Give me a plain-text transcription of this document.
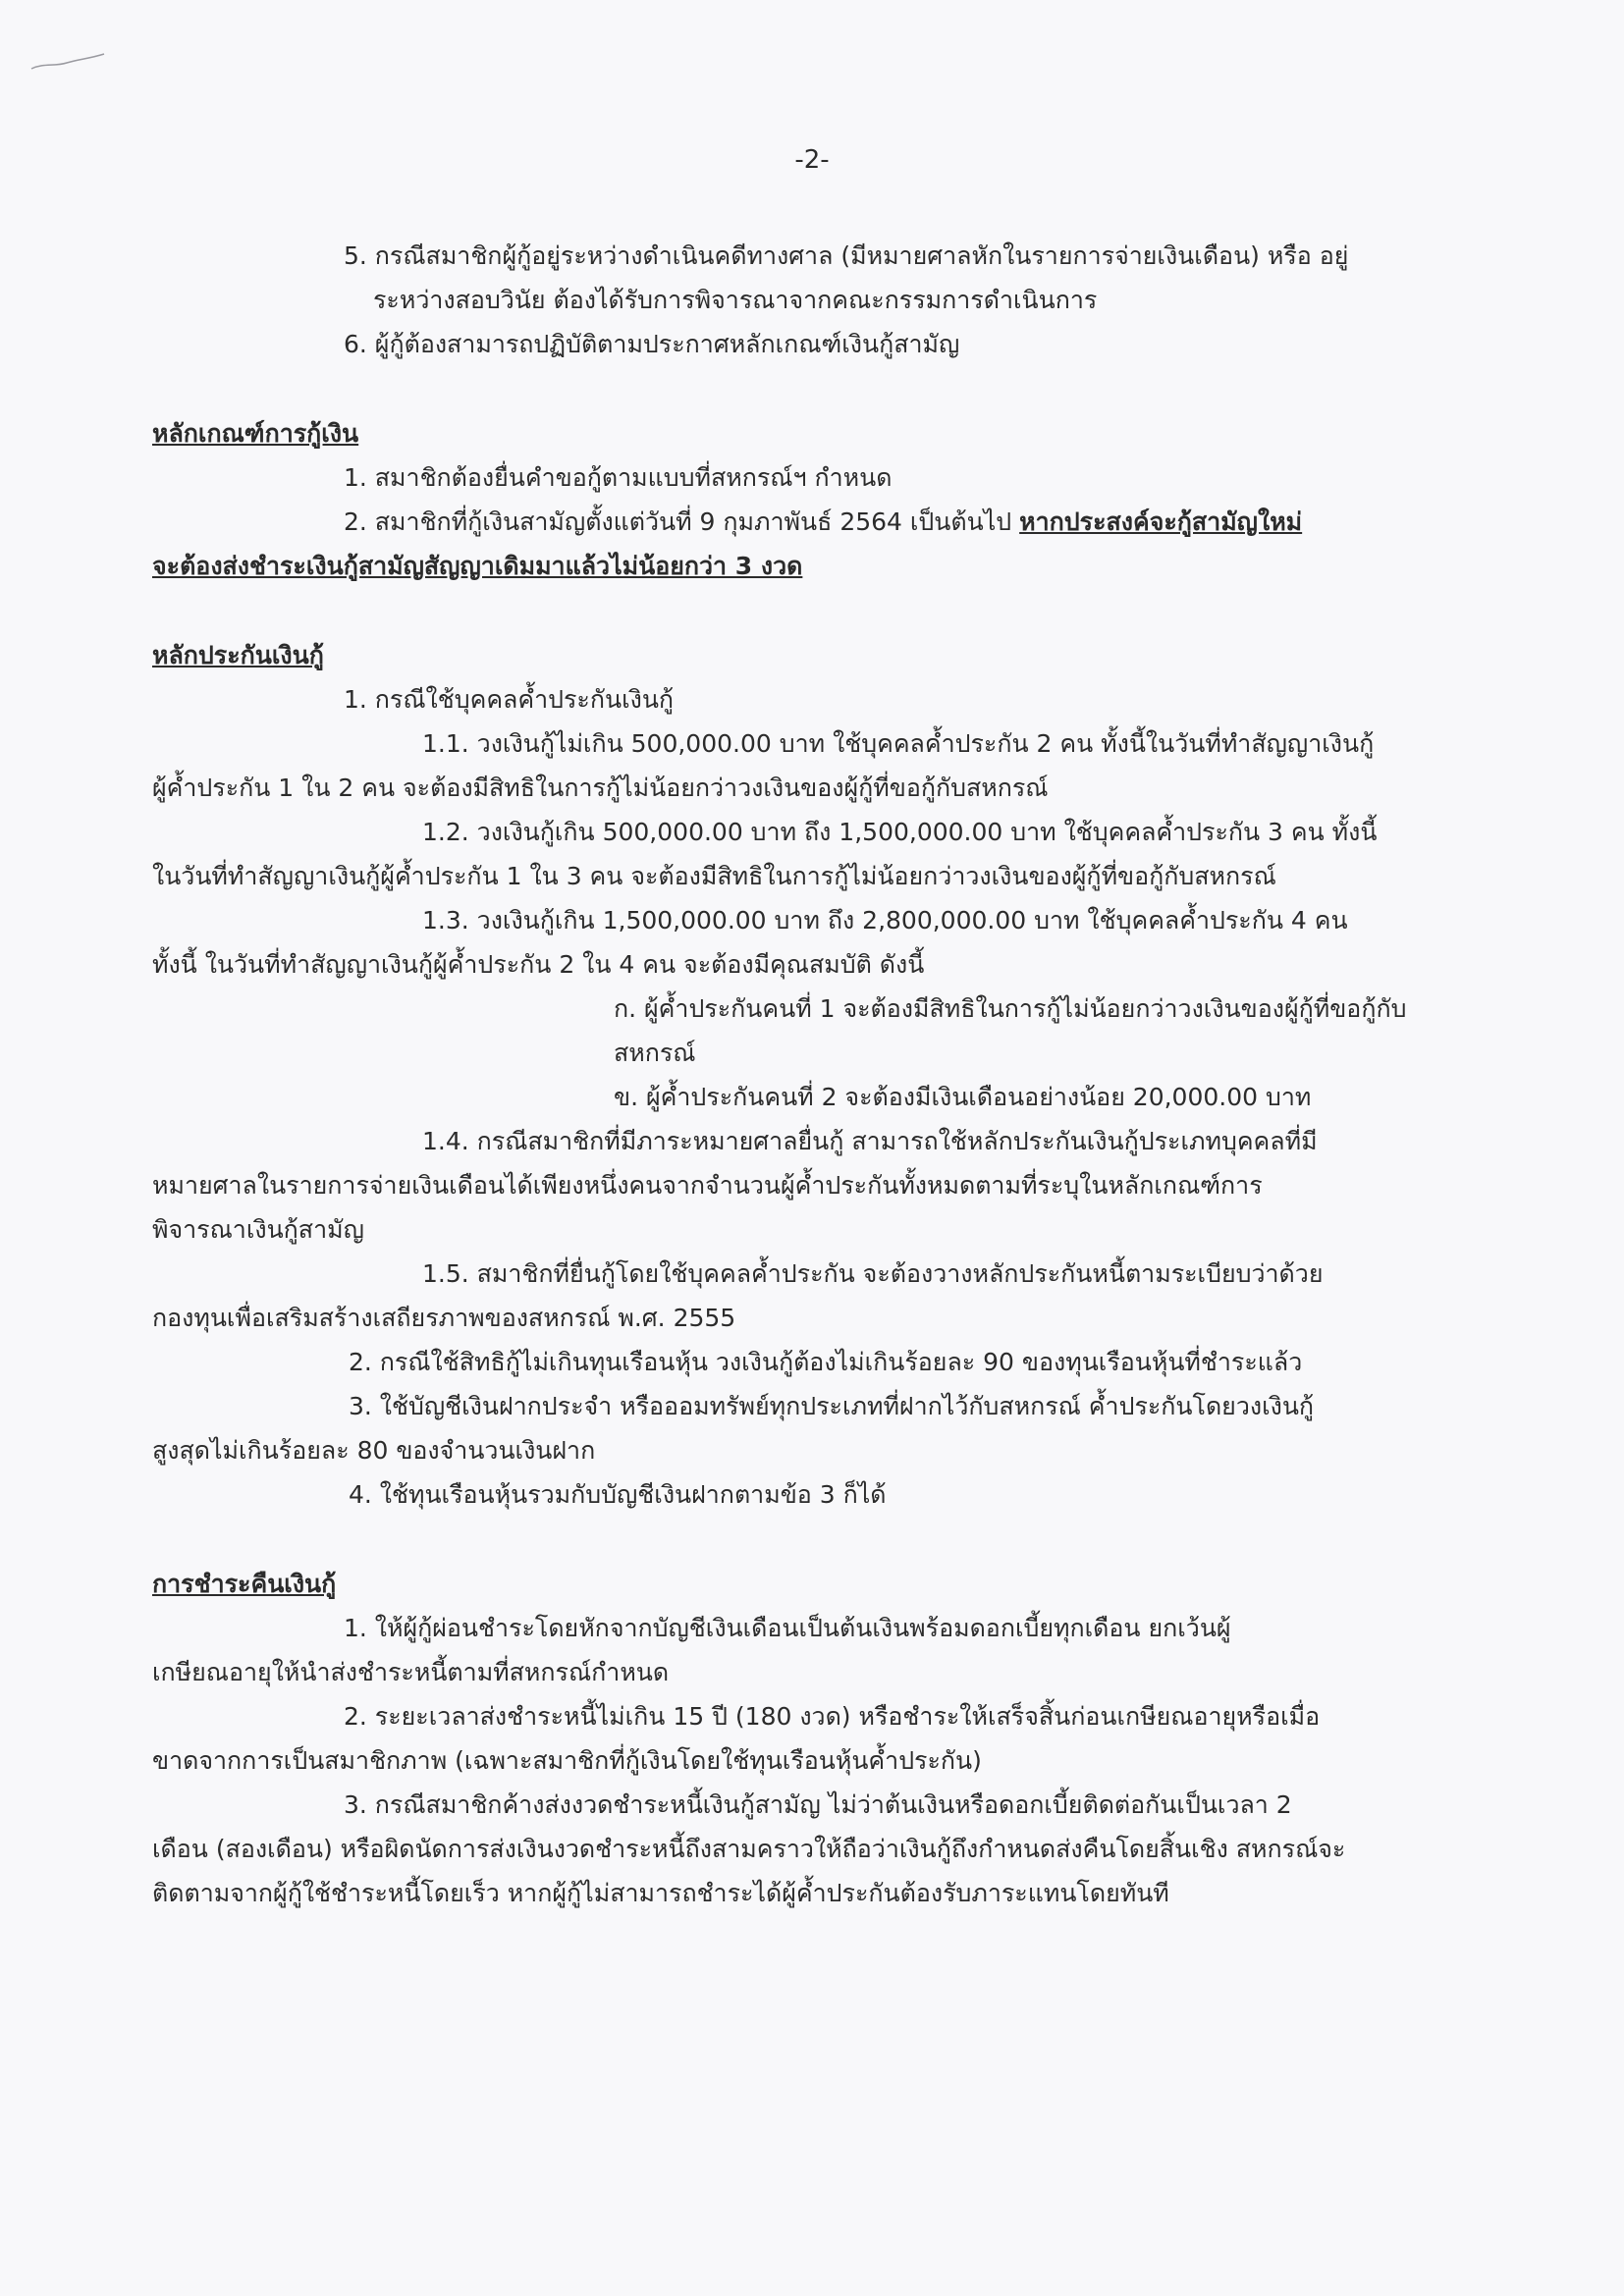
-2-

5. กรณีสมาชิกผู้กู้อยู่ระหว่างดำเนินคดีทางศาล (มีหมายศาลหักในรายการจ่ายเงินเดือน) หรือ อยู่
ระหว่างสอบวินัย ต้องได้รับการพิจารณาจากคณะกรรมการดำเนินการ

6. ผู้กู้ต้องสามารถปฏิบัติตามประกาศหลักเกณฑ์เงินกู้สามัญ

หลักเกณฑ์การกู้เงิน

1. สมาชิกต้องยื่นคำขอกู้ตามแบบที่สหกรณ์ฯ กำหนด

2. สมาชิกที่กู้เงินสามัญตั้งแต่วันที่ 9 กุมภาพันธ์ 2564 เป็นต้นไป หากประสงค์จะกู้สามัญใหม่

จะต้องส่งชำระเงินกู้สามัญสัญญาเดิมมาแล้วไม่น้อยกว่า 3 งวด

หลักประกันเงินกู้

1. กรณีใช้บุคคลค้ำประกันเงินกู้

1.1. วงเงินกู้ไม่เกิน 500,000.00 บาท ใช้บุคคลค้ำประกัน 2 คน ทั้งนี้ในวันที่ทำสัญญาเงินกู้
ผู้ค้ำประกัน 1 ใน 2 คน จะต้องมีสิทธิในการกู้ไม่น้อยกว่าวงเงินของผู้กู้ที่ขอกู้กับสหกรณ์

1.2. วงเงินกู้เกิน 500,000.00 บาท ถึง 1,500,000.00 บาท ใช้บุคคลค้ำประกัน 3 คน ทั้งนี้
ในวันที่ทำสัญญาเงินกู้ผู้ค้ำประกัน 1 ใน 3 คน จะต้องมีสิทธิในการกู้ไม่น้อยกว่าวงเงินของผู้กู้ที่ขอกู้กับสหกรณ์

1.3. วงเงินกู้เกิน 1,500,000.00 บาท ถึง 2,800,000.00 บาท ใช้บุคคลค้ำประกัน 4 คน
ทั้งนี้ ในวันที่ทำสัญญาเงินกู้ผู้ค้ำประกัน 2 ใน 4 คน จะต้องมีคุณสมบัติ ดังนี้

ก. ผู้ค้ำประกันคนที่ 1 จะต้องมีสิทธิในการกู้ไม่น้อยกว่าวงเงินของผู้กู้ที่ขอกู้กับสหกรณ์

ข. ผู้ค้ำประกันคนที่ 2 จะต้องมีเงินเดือนอย่างน้อย 20,000.00 บาท

1.4. กรณีสมาชิกที่มีภาระหมายศาลยื่นกู้ สามารถใช้หลักประกันเงินกู้ประเภทบุคคลที่มี
หมายศาลในรายการจ่ายเงินเดือนได้เพียงหนึ่งคนจากจำนวนผู้ค้ำประกันทั้งหมดตามที่ระบุในหลักเกณฑ์การ
พิจารณาเงินกู้สามัญ

1.5. สมาชิกที่ยื่นกู้โดยใช้บุคคลค้ำประกัน จะต้องวางหลักประกันหนี้ตามระเบียบว่าด้วย
กองทุนเพื่อเสริมสร้างเสถียรภาพของสหกรณ์ พ.ศ. 2555

2. กรณีใช้สิทธิกู้ไม่เกินทุนเรือนหุ้น วงเงินกู้ต้องไม่เกินร้อยละ 90 ของทุนเรือนหุ้นที่ชำระแล้ว

3. ใช้บัญชีเงินฝากประจำ หรือออมทรัพย์ทุกประเภทที่ฝากไว้กับสหกรณ์ ค้ำประกันโดยวงเงินกู้
สูงสุดไม่เกินร้อยละ 80 ของจำนวนเงินฝาก

4. ใช้ทุนเรือนหุ้นรวมกับบัญชีเงินฝากตามข้อ 3 ก็ได้

การชำระคืนเงินกู้

1. ให้ผู้กู้ผ่อนชำระโดยหักจากบัญชีเงินเดือนเป็นต้นเงินพร้อมดอกเบี้ยทุกเดือน ยกเว้นผู้
เกษียณอายุให้นำส่งชำระหนี้ตามที่สหกรณ์กำหนด

2. ระยะเวลาส่งชำระหนี้ไม่เกิน 15 ปี (180 งวด) หรือชำระให้เสร็จสิ้นก่อนเกษียณอายุหรือเมื่อ
ขาดจากการเป็นสมาชิกภาพ (เฉพาะสมาชิกที่กู้เงินโดยใช้ทุนเรือนหุ้นค้ำประกัน)

3. กรณีสมาชิกค้างส่งงวดชำระหนี้เงินกู้สามัญ ไม่ว่าต้นเงินหรือดอกเบี้ยติดต่อกันเป็นเวลา 2
เดือน (สองเดือน) หรือผิดนัดการส่งเงินงวดชำระหนี้ถึงสามคราวให้ถือว่าเงินกู้ถึงกำหนดส่งคืนโดยสิ้นเชิง สหกรณ์จะ
ติดตามจากผู้กู้ใช้ชำระหนี้โดยเร็ว หากผู้กู้ไม่สามารถชำระได้ผู้ค้ำประกันต้องรับภาระแทนโดยทันที
